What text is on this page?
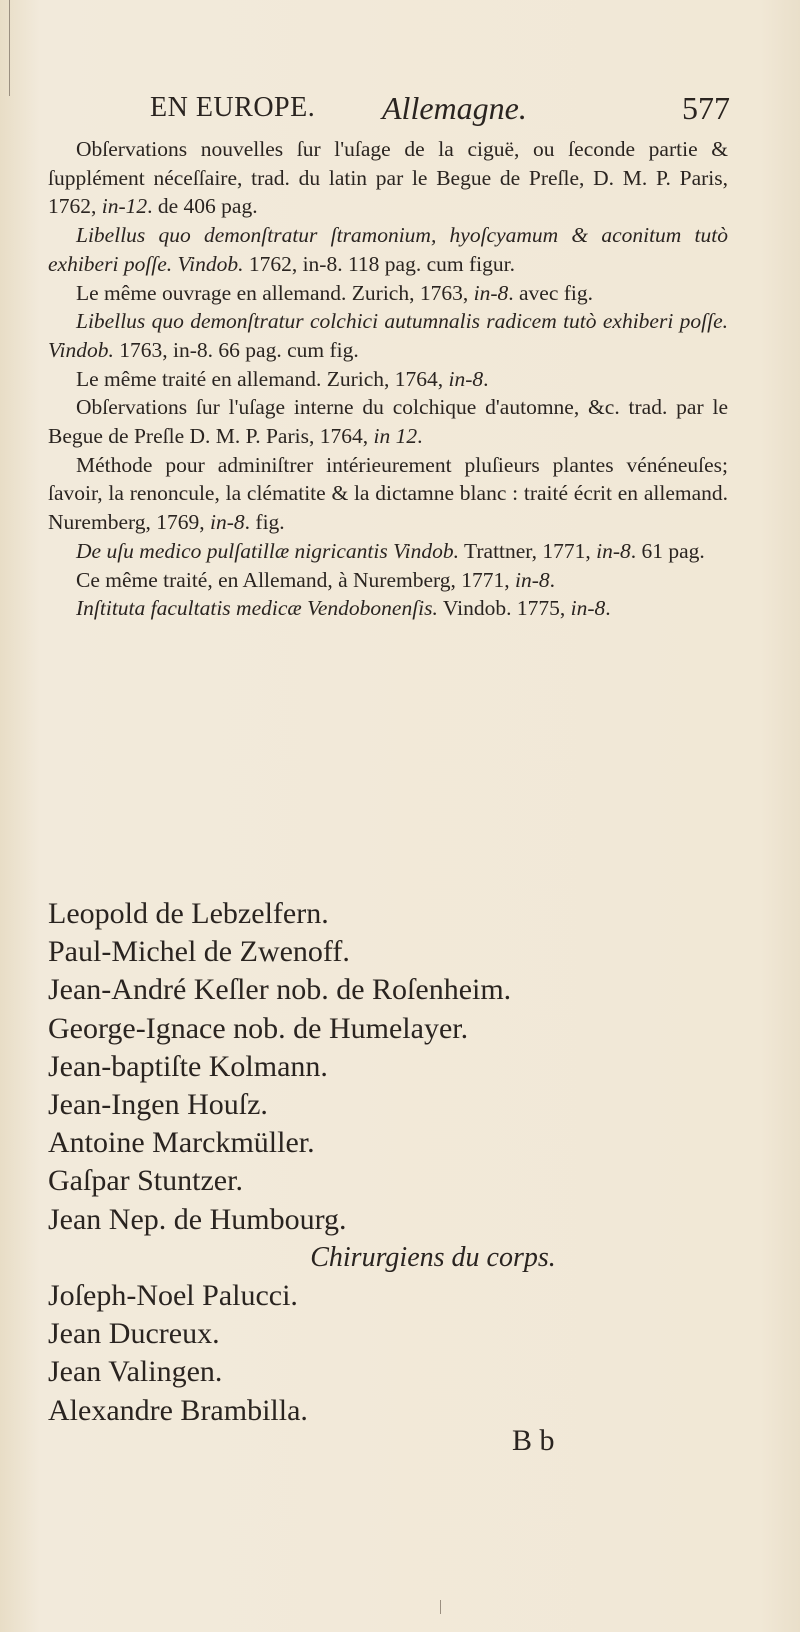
EN EUROPE. Allemagne.	577

Obſervations nouvelles ſur l'uſage de la ciguë, ou ſeconde partie & ſupplément néceſſaire, trad. du latin par le Begue de Preſle, D. M. P. Paris, 1762, in-12. de 406 pag.

Libellus quo demonſtratur ſtramonium, hyoſcyamum & aconitum tutò exhiberi poſſe. Vindob. 1762, in-8. 118 pag. cum figur.

Le même ouvrage en allemand. Zurich, 1763, in-8. avec fig.

Libellus quo demonſtratur colchici autumnalis radicem tutò exhiberi poſſe. Vindob. 1763, in-8. 66 pag. cum fig.

Le même traité en allemand. Zurich, 1764, in-8.

Obſervations ſur l'uſage interne du colchique d'automne, &c. trad. par le Begue de Preſle D. M. P. Paris, 1764, in 12.

Méthode pour adminiſtrer intérieurement pluſieurs plantes vénéneuſes; ſavoir, la renoncule, la clématite & la dictamne blanc : traité écrit en allemand. Nuremberg, 1769, in-8. fig.

De uſu medico pulſatillæ nigricantis Vindob. Trattner, 1771, in-8. 61 pag.

Ce même traité, en Allemand, à Nuremberg, 1771, in-8.

Inſtituta facultatis medicæ Vendobonenſis. Vindob. 1775, in-8.

Leopold de Lebzelfern.

Paul-Michel de Zwenoff.

Jean-André Keſler nob. de Roſenheim.

George-Ignace nob. de Humelayer.

Jean-baptiſte Kolmann.

Jean-Ingen Houſz.

Antoine Marckmüller.

Gaſpar Stuntzer.

Jean Nep. de Humbourg.

Chirurgiens du corps.

Joſeph-Noel Palucci.

Jean Ducreux.

Jean Valingen.

Alexandre Brambilla.

B b
